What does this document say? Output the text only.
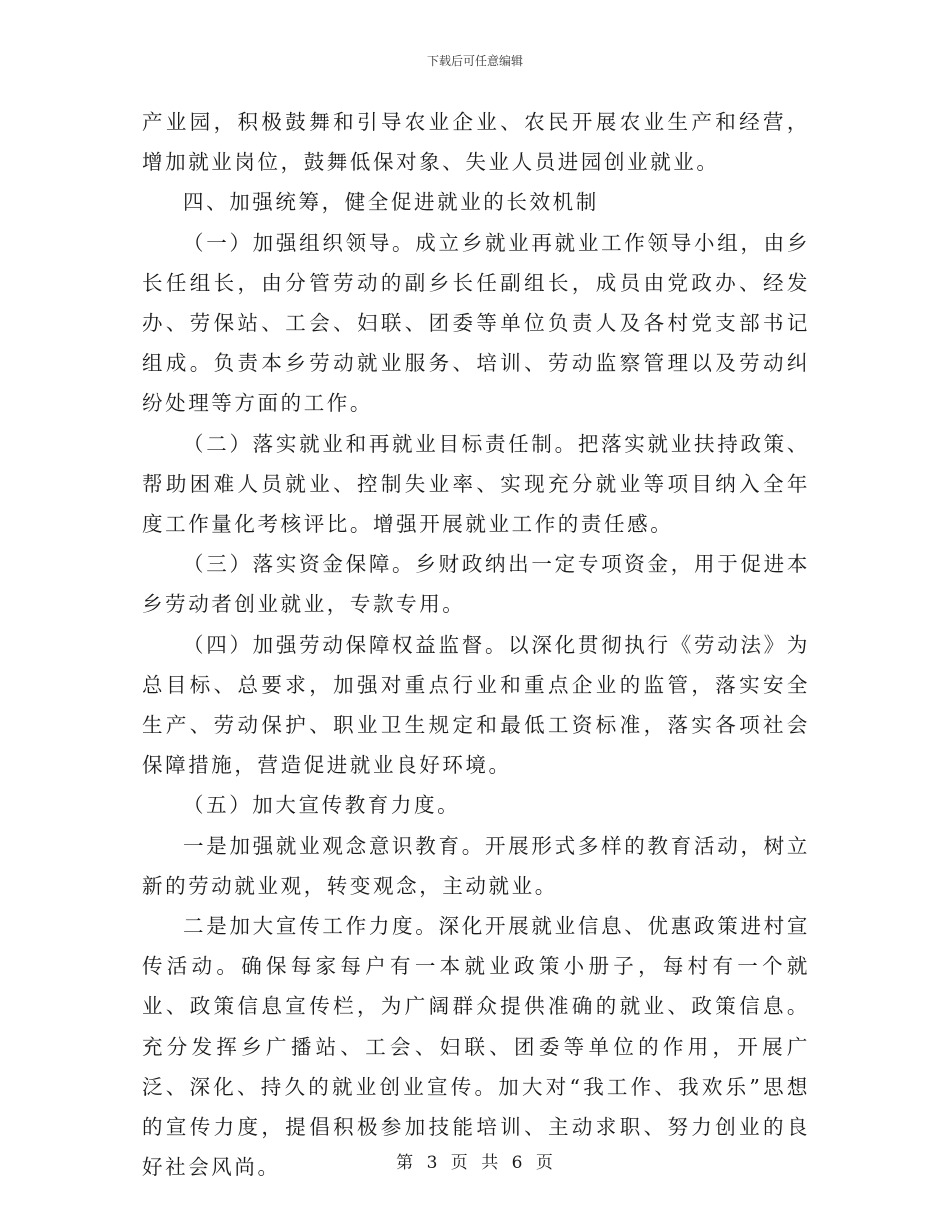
下载后可任意编辑

产业园，积极鼓舞和引导农业企业、农民开展农业生产和经营，增加就业岗位，鼓舞低保对象、失业人员进园创业就业。

四、加强统筹，健全促进就业的长效机制

（一）加强组织领导。成立乡就业再就业工作领导小组，由乡长任组长，由分管劳动的副乡长任副组长，成员由党政办、经发办、劳保站、工会、妇联、团委等单位负责人及各村党支部书记组成。负责本乡劳动就业服务、培训、劳动监察管理以及劳动纠纷处理等方面的工作。

（二）落实就业和再就业目标责任制。把落实就业扶持政策、帮助困难人员就业、控制失业率、实现充分就业等项目纳入全年度工作量化考核评比。增强开展就业工作的责任感。

（三）落实资金保障。乡财政纳出一定专项资金，用于促进本乡劳动者创业就业，专款专用。

（四）加强劳动保障权益监督。以深化贯彻执行《劳动法》为总目标、总要求，加强对重点行业和重点企业的监管，落实安全生产、劳动保护、职业卫生规定和最低工资标准，落实各项社会保障措施，营造促进就业良好环境。

（五）加大宣传教育力度。

一是加强就业观念意识教育。开展形式多样的教育活动，树立新的劳动就业观，转变观念，主动就业。

二是加大宣传工作力度。深化开展就业信息、优惠政策进村宣传活动。确保每家每户有一本就业政策小册子，每村有一个就业、政策信息宣传栏，为广阔群众提供准确的就业、政策信息。充分发挥乡广播站、工会、妇联、团委等单位的作用，开展广泛、深化、持久的就业创业宣传。加大对“我工作、我欢乐”思想的宣传力度，提倡积极参加技能培训、主动求职、努力创业的良好社会风尚。	第 3 页 共 6 页
